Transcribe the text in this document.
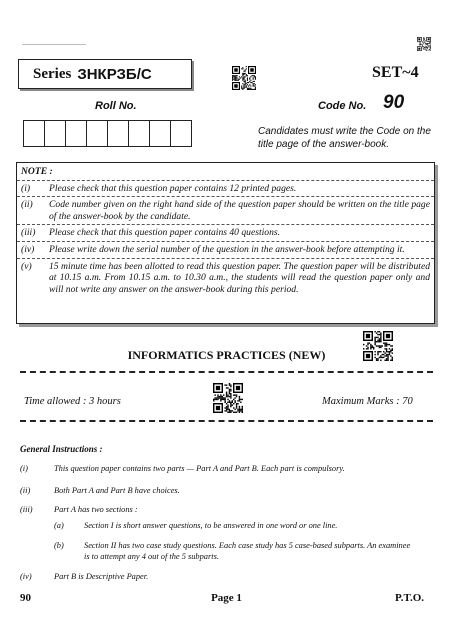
Series ЗНКРЗБ/С	SET~4
Roll No.	Code No. 90
Candidates must write the Code on the title page of the answer-book.
NOTE :
(i)	Please check that this question paper contains 12 printed pages.
(ii)	Code number given on the right hand side of the question paper should be written on the title page of the answer-book by the candidate.
(iii)	Please check that this question paper contains 40 questions.
(iv)	Please write down the serial number of the question in the answer-book before attempting it.
(v)	15 minute time has been allotted to read this question paper. The question paper will be distributed at 10.15 a.m. From 10.15 a.m. to 10.30 a.m., the students will read the question paper only and will not write any answer on the answer-book during this period.
INFORMATICS PRACTICES (NEW)
Time allowed : 3 hours	Maximum Marks : 70
General Instructions :
(i)	This question paper contains two parts — Part A and Part B. Each part is compulsory.
(ii)	Both Part A and Part B have choices.
(iii)	Part A has two sections :
(a) Section I is short answer questions, to be answered in one word or one line.
(b) Section II has two case study questions. Each case study has 5 case-based subparts. An examinee is to attempt any 4 out of the 5 subparts.
(iv)	Part B is Descriptive Paper.
90	Page 1	P.T.O.
